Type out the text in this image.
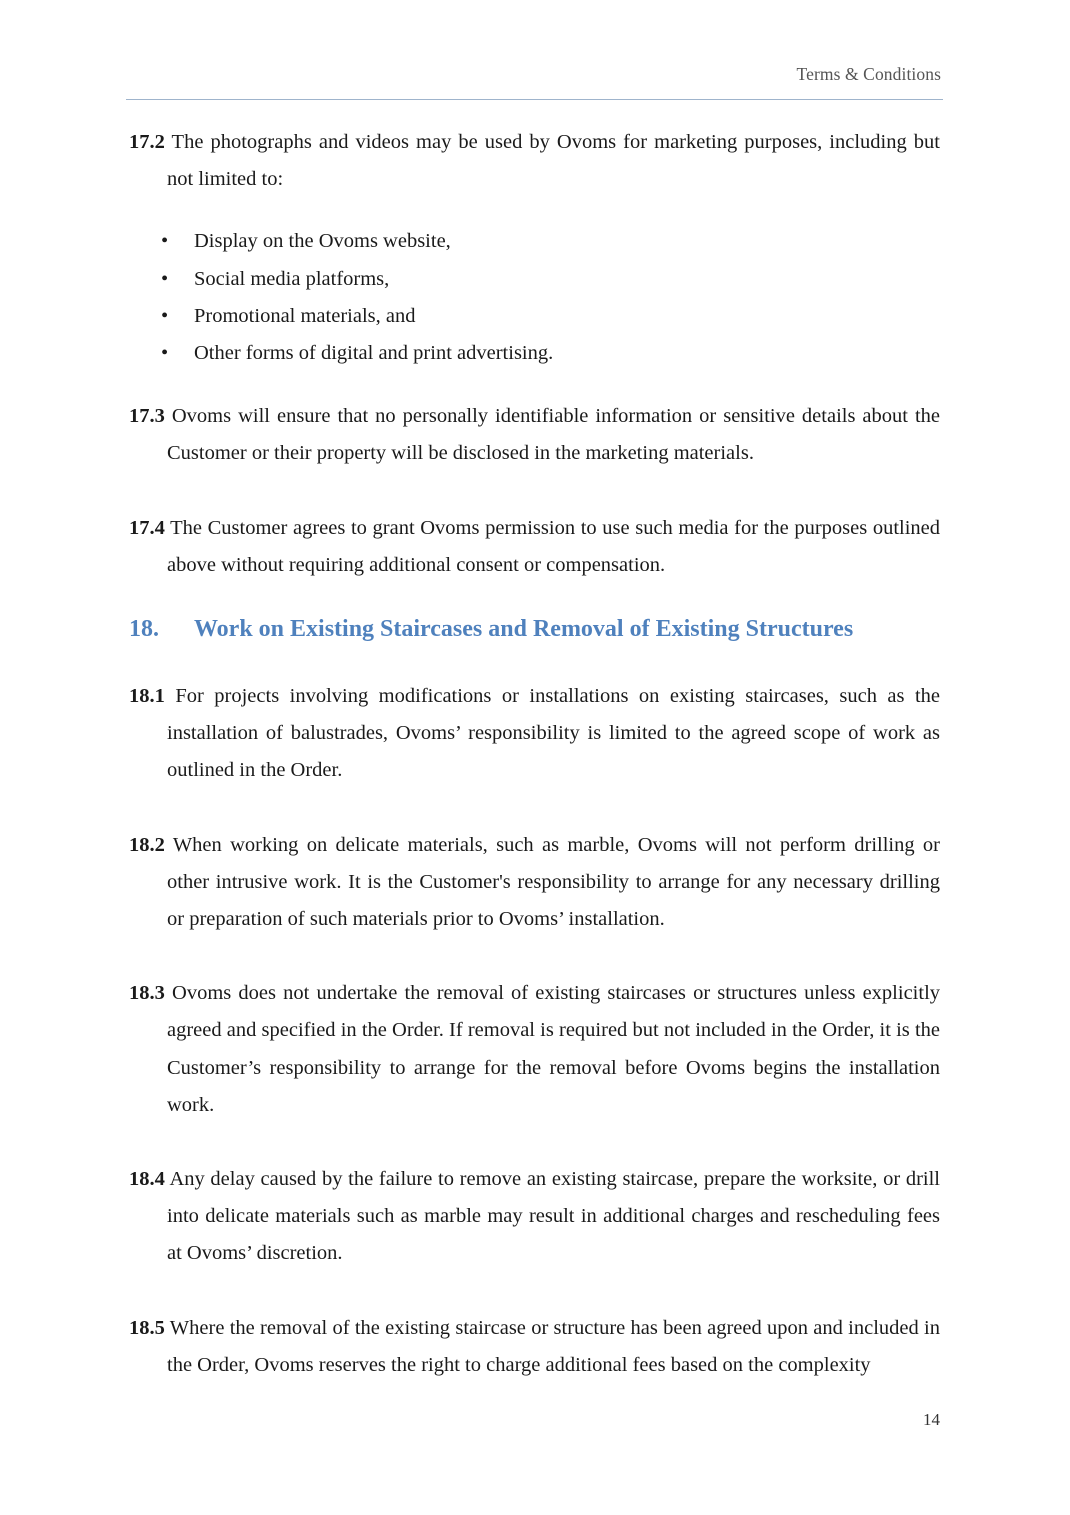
Terms & Conditions

17.2 The photographs and videos may be used by Ovoms for marketing purposes, including but not limited to:

• Display on the Ovoms website,
• Social media platforms,
• Promotional materials, and
• Other forms of digital and print advertising.

17.3 Ovoms will ensure that no personally identifiable information or sensitive details about the Customer or their property will be disclosed in the marketing materials.

17.4 The Customer agrees to grant Ovoms permission to use such media for the purposes outlined above without requiring additional consent or compensation.

18. Work on Existing Staircases and Removal of Existing Structures

18.1 For projects involving modifications or installations on existing staircases, such as the installation of balustrades, Ovoms’ responsibility is limited to the agreed scope of work as outlined in the Order.

18.2 When working on delicate materials, such as marble, Ovoms will not perform drilling or other intrusive work. It is the Customer's responsibility to arrange for any necessary drilling or preparation of such materials prior to Ovoms’ installation.

18.3 Ovoms does not undertake the removal of existing staircases or structures unless explicitly agreed and specified in the Order. If removal is required but not included in the Order, it is the Customer’s responsibility to arrange for the removal before Ovoms begins the installation work.

18.4 Any delay caused by the failure to remove an existing staircase, prepare the worksite, or drill into delicate materials such as marble may result in additional charges and rescheduling fees at Ovoms’ discretion.

18.5 Where the removal of the existing staircase or structure has been agreed upon and included in the Order, Ovoms reserves the right to charge additional fees based on the complexity

14
